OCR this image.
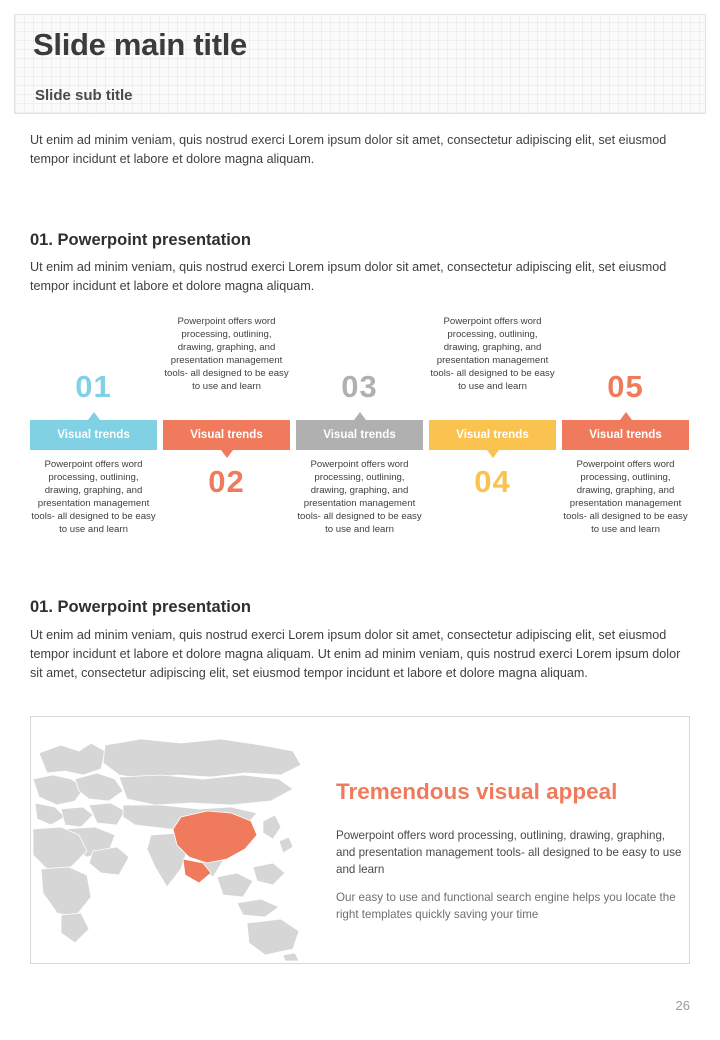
Slide main title
Slide sub title
Ut enim ad minim veniam, quis nostrud exerci Lorem ipsum dolor sit amet, consectetur adipiscing elit, set eiusmod tempor incidunt et labore et dolore magna aliquam.
01. Powerpoint presentation
Ut enim ad minim veniam, quis nostrud exerci Lorem ipsum dolor sit amet, consectetur adipiscing elit, set eiusmod tempor incidunt et labore et dolore magna aliquam.
01
Visual trends
Powerpoint offers word processing, outlining, drawing, graphing, and presentation management tools- all designed to be easy to use and learn
Powerpoint offers word processing, outlining, drawing, graphing, and presentation management tools- all designed to be easy to use and learn
Visual trends
02
03
Visual trends
Powerpoint offers word processing, outlining, drawing, graphing, and presentation management tools- all designed to be easy to use and learn
Powerpoint offers word processing, outlining, drawing, graphing, and presentation management tools- all designed to be easy to use and learn
Visual trends
04
05
Visual trends
Powerpoint offers word processing, outlining, drawing, graphing, and presentation management tools- all designed to be easy to use and learn
01. Powerpoint presentation
Ut enim ad minim veniam, quis nostrud exerci Lorem ipsum dolor sit amet, consectetur adipiscing elit, set eiusmod tempor incidunt et labore et dolore magna aliquam. Ut enim ad minim veniam, quis nostrud exerci Lorem ipsum dolor sit amet, consectetur adipiscing elit, set eiusmod tempor incidunt et labore et dolore magna aliquam.
Tremendous visual appeal
Powerpoint offers word processing, outlining, drawing, graphing, and presentation management tools- all designed to be easy to use and learn
Our easy to use and functional search engine helps you locate the right templates quickly saving your time
26
